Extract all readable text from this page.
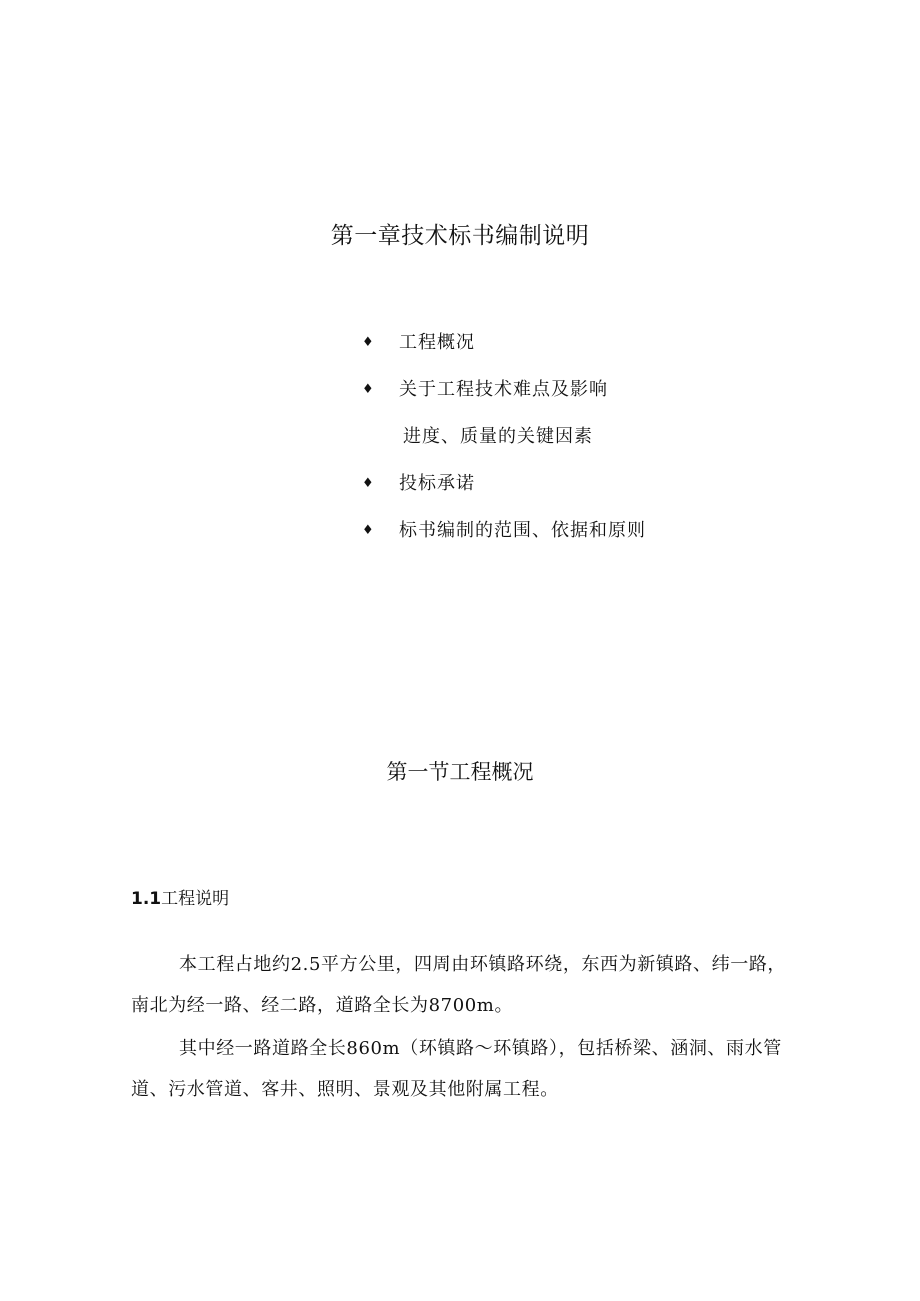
第一章技术标书编制说明
♦	工程概况
♦	关于工程技术难点及影响
进度、质量的关键因素
♦	投标承诺
♦	标书编制的范围、依据和原则
第一节工程概况
1.1工程说明

本工程占地约2.5平方公里，四周由环镇路环绕，东西为新镇路、纬一路，南北为经一路、经二路，道路全长为8700m。

其中经一路道路全长860m（环镇路～环镇路），包括桥梁、涵洞、雨水管道、污水管道、客井、照明、景观及其他附属工程。
